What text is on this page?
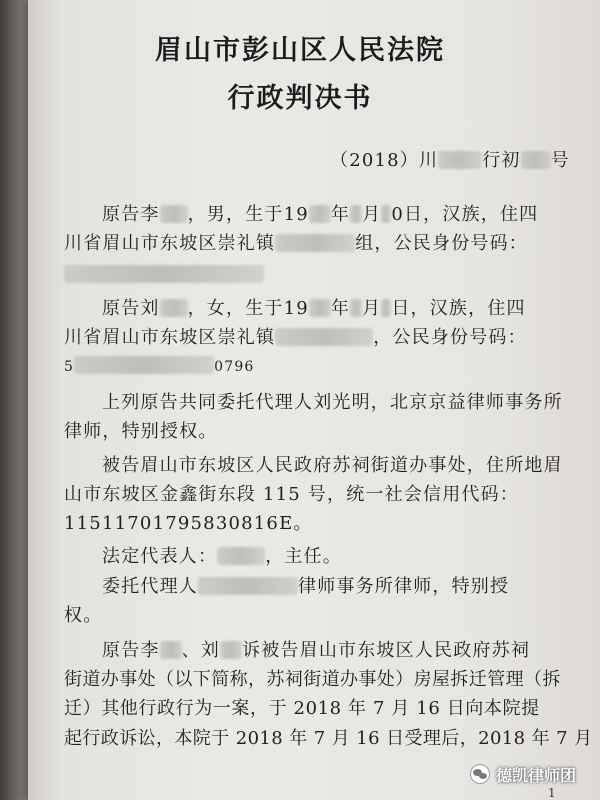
眉山市彭山区人民法院
行政判决书
（2018）川 行初 号
原告李 ，男，生于19 年 月 0日，汉族，住四
川省眉山市东坡区崇礼镇	组，公民身份号码：
原告刘 ，女，生于19 年 月 日，汉族，住四
川省眉山市东坡区崇礼镇	，公民身份号码：
5	0796
上列原告共同委托代理人刘光明，北京京益律师事务所
律师，特别授权。
被告眉山市东坡区人民政府苏祠街道办事处，住所地眉
山市东坡区金鑫街东段 115 号，统一社会信用代码：
11511701795830816E。
法定代表人：	，主任。
委托代理人	律师事务所律师，特别授
权。
原告李 、刘 诉被告眉山市东坡区人民政府苏祠
街道办事处（以下简称，苏祠街道办事处）房屋拆迁管理（拆
迁）其他行政行为一案，于 2018 年 7 月 16 日向本院提
起行政诉讼，本院于 2018 年 7 月 16 日受理后，2018 年 7 月
1
德凯律师团
